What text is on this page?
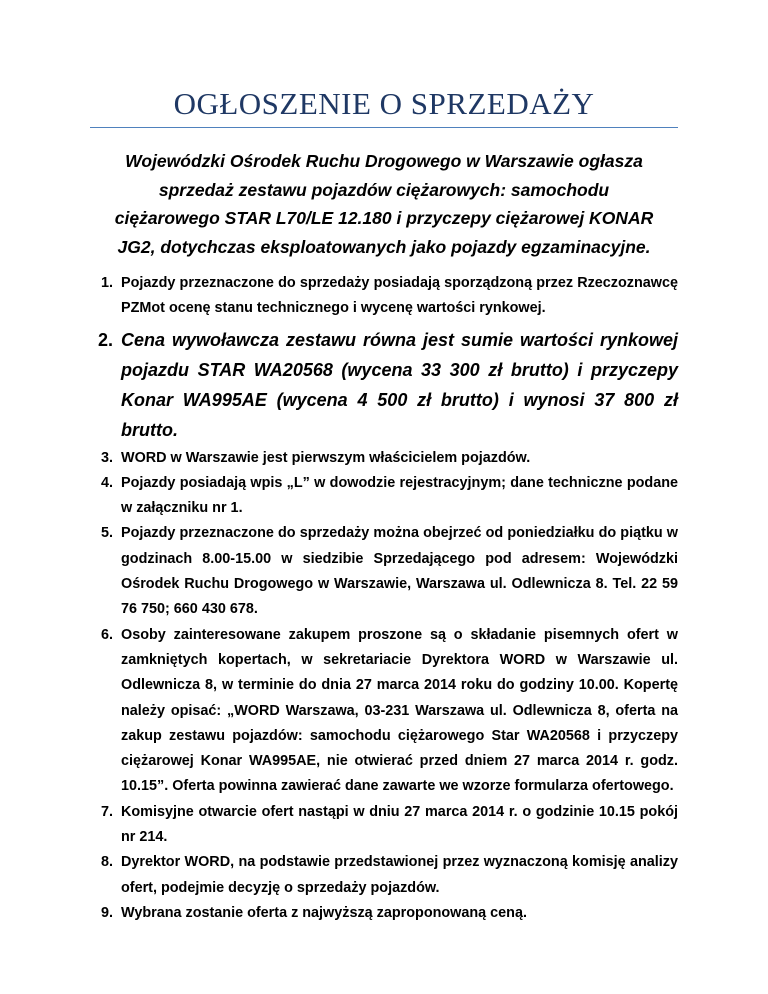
OGŁOSZENIE O SPRZEDAŻY
Wojewódzki Ośrodek Ruchu Drogowego w Warszawie ogłasza sprzedaż zestawu pojazdów ciężarowych: samochodu ciężarowego STAR L70/LE 12.180 i przyczepy ciężarowej KONAR JG2, dotychczas eksploatowanych jako pojazdy egzaminacyjne.
1. Pojazdy przeznaczone do sprzedaży posiadają sporządzoną przez Rzeczoznawcę PZMot ocenę stanu technicznego i wycenę wartości rynkowej.
2. Cena wywoławcza zestawu równa jest sumie wartości rynkowej pojazdu STAR WA20568 (wycena 33 300 zł brutto) i przyczepy Konar WA995AE (wycena 4 500 zł brutto) i wynosi 37 800 zł brutto.
3. WORD w Warszawie jest pierwszym właścicielem pojazdów.
4. Pojazdy posiadają wpis „L” w dowodzie rejestracyjnym; dane techniczne podane w załączniku nr 1.
5. Pojazdy przeznaczone do sprzedaży można obejrzeć od poniedziałku do piątku w godzinach 8.00-15.00 w siedzibie Sprzedającego pod adresem: Wojewódzki Ośrodek Ruchu Drogowego w Warszawie, Warszawa ul. Odlewnicza 8. Tel. 22 59 76 750; 660 430 678.
6. Osoby zainteresowane zakupem proszone są o składanie pisemnych ofert w zamkniętych kopertach, w sekretariacie Dyrektora WORD w Warszawie ul. Odlewnicza 8, w terminie do dnia 27 marca 2014 roku do godziny 10.00. Kopertę należy opisać: „WORD Warszawa, 03-231 Warszawa ul. Odlewnicza 8, oferta na zakup zestawu pojazdów: samochodu ciężarowego Star WA20568 i przyczepy ciężarowej Konar WA995AE, nie otwierać przed dniem 27 marca 2014 r. godz. 10.15”. Oferta powinna zawierać dane zawarte we wzorze formularza ofertowego.
7. Komisyjne otwarcie ofert nastąpi w dniu 27 marca 2014 r. o godzinie 10.15 pokój nr 214.
8. Dyrektor WORD, na podstawie przedstawionej przez wyznaczoną komisję analizy ofert, podejmie decyzję o sprzedaży pojazdów.
9. Wybrana zostanie oferta z najwyższą zaproponowaną ceną.
